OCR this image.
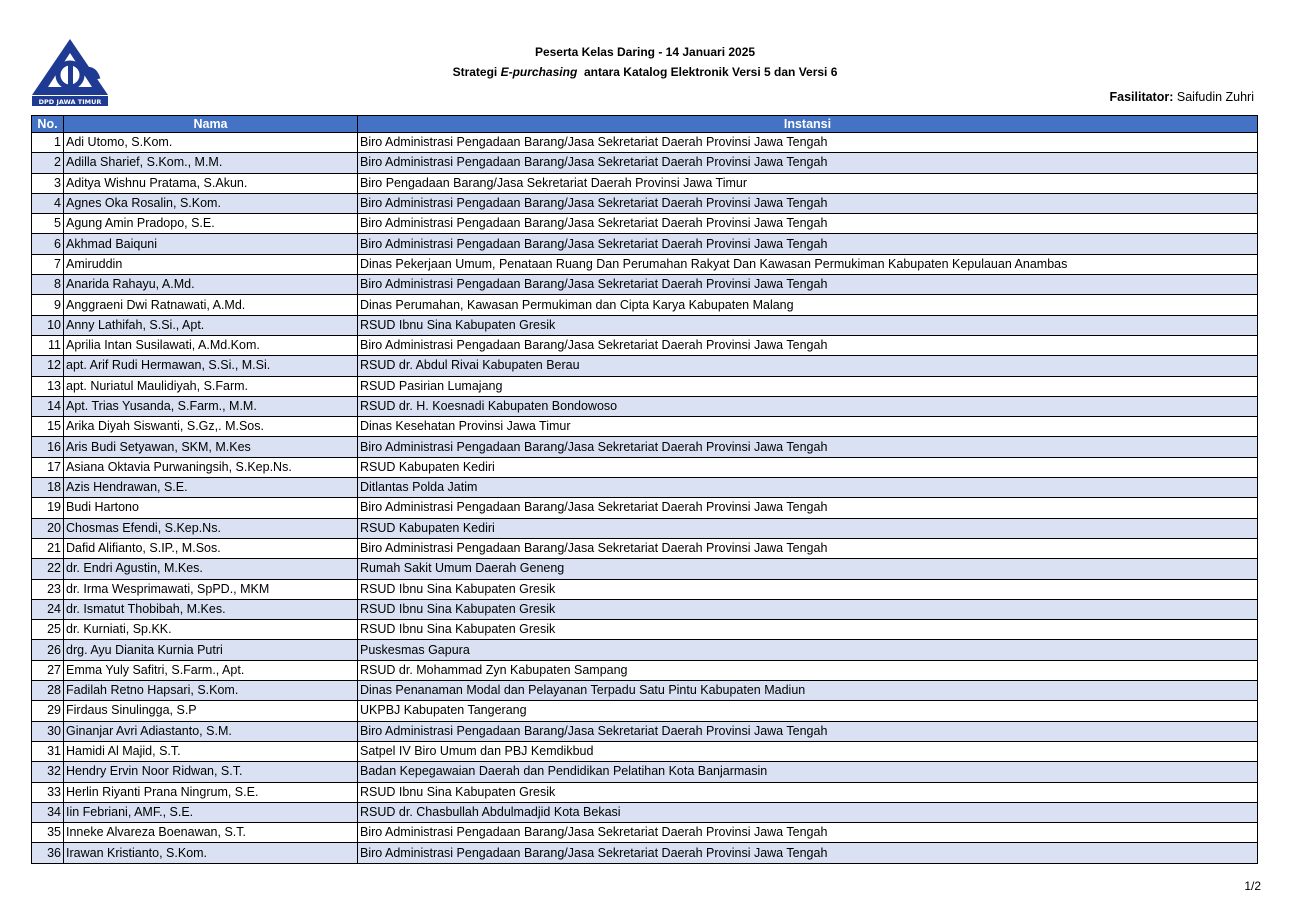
DPD JAWA TIMUR
Peserta Kelas Daring - 14 Januari 2025
Strategi E-purchasing  antara Katalog Elektronik Versi 5 dan Versi 6
Fasilitator: Saifudin Zuhri
No.	Nama	Instansi
1	Adi Utomo, S.Kom.	Biro Administrasi Pengadaan Barang/Jasa Sekretariat Daerah Provinsi Jawa Tengah
2	Adilla Sharief, S.Kom., M.M.	Biro Administrasi Pengadaan Barang/Jasa Sekretariat Daerah Provinsi Jawa Tengah
3	Aditya Wishnu Pratama, S.Akun.	Biro Pengadaan Barang/Jasa Sekretariat Daerah Provinsi Jawa Timur
4	Agnes Oka Rosalin, S.Kom.	Biro Administrasi Pengadaan Barang/Jasa Sekretariat Daerah Provinsi Jawa Tengah
5	Agung Amin Pradopo, S.E.	Biro Administrasi Pengadaan Barang/Jasa Sekretariat Daerah Provinsi Jawa Tengah
6	Akhmad Baiquni	Biro Administrasi Pengadaan Barang/Jasa Sekretariat Daerah Provinsi Jawa Tengah
7	Amiruddin	Dinas Pekerjaan Umum, Penataan Ruang Dan Perumahan Rakyat Dan Kawasan Permukiman Kabupaten Kepulauan Anambas
8	Anarida Rahayu, A.Md.	Biro Administrasi Pengadaan Barang/Jasa Sekretariat Daerah Provinsi Jawa Tengah
9	Anggraeni Dwi Ratnawati, A.Md.	Dinas Perumahan, Kawasan Permukiman dan Cipta Karya Kabupaten Malang
10	Anny Lathifah, S.Si., Apt.	RSUD Ibnu Sina Kabupaten Gresik
11	Aprilia Intan Susilawati, A.Md.Kom.	Biro Administrasi Pengadaan Barang/Jasa Sekretariat Daerah Provinsi Jawa Tengah
12	apt. Arif Rudi Hermawan, S.Si., M.Si.	RSUD dr. Abdul Rivai Kabupaten Berau
13	apt. Nuriatul Maulidiyah, S.Farm.	RSUD Pasirian Lumajang
14	Apt. Trias Yusanda, S.Farm., M.M.	RSUD dr. H. Koesnadi Kabupaten Bondowoso
15	Arika Diyah Siswanti, S.Gz,. M.Sos.	Dinas Kesehatan Provinsi Jawa Timur
16	Aris Budi Setyawan, SKM, M.Kes	Biro Administrasi Pengadaan Barang/Jasa Sekretariat Daerah Provinsi Jawa Tengah
17	Asiana Oktavia Purwaningsih, S.Kep.Ns.	RSUD Kabupaten Kediri
18	Azis Hendrawan, S.E.	Ditlantas Polda Jatim
19	Budi Hartono	Biro Administrasi Pengadaan Barang/Jasa Sekretariat Daerah Provinsi Jawa Tengah
20	Chosmas Efendi, S.Kep.Ns.	RSUD Kabupaten Kediri
21	Dafid Alifianto, S.IP., M.Sos.	Biro Administrasi Pengadaan Barang/Jasa Sekretariat Daerah Provinsi Jawa Tengah
22	dr. Endri Agustin, M.Kes.	Rumah Sakit Umum Daerah Geneng
23	dr. Irma Wesprimawati, SpPD., MKM	RSUD Ibnu Sina Kabupaten Gresik
24	dr. Ismatut Thobibah, M.Kes.	RSUD Ibnu Sina Kabupaten Gresik
25	dr. Kurniati, Sp.KK.	RSUD Ibnu Sina Kabupaten Gresik
26	drg. Ayu Dianita Kurnia Putri	Puskesmas Gapura
27	Emma Yuly Safitri, S.Farm., Apt.	RSUD dr. Mohammad Zyn Kabupaten Sampang
28	Fadilah Retno Hapsari, S.Kom.	Dinas Penanaman Modal dan Pelayanan Terpadu Satu Pintu Kabupaten Madiun
29	Firdaus Sinulingga, S.P	UKPBJ Kabupaten Tangerang
30	Ginanjar Avri Adiastanto, S.M.	Biro Administrasi Pengadaan Barang/Jasa Sekretariat Daerah Provinsi Jawa Tengah
31	Hamidi Al Majid, S.T.	Satpel IV Biro Umum dan PBJ Kemdikbud
32	Hendry Ervin Noor Ridwan, S.T.	Badan Kepegawaian Daerah dan Pendidikan Pelatihan Kota Banjarmasin
33	Herlin Riyanti Prana Ningrum, S.E.	RSUD Ibnu Sina Kabupaten Gresik
34	Iin Febriani, AMF., S.E.	RSUD dr. Chasbullah Abdulmadjid Kota Bekasi
35	Inneke Alvareza Boenawan, S.T.	Biro Administrasi Pengadaan Barang/Jasa Sekretariat Daerah Provinsi Jawa Tengah
36	Irawan Kristianto, S.Kom.	Biro Administrasi Pengadaan Barang/Jasa Sekretariat Daerah Provinsi Jawa Tengah
1/2
